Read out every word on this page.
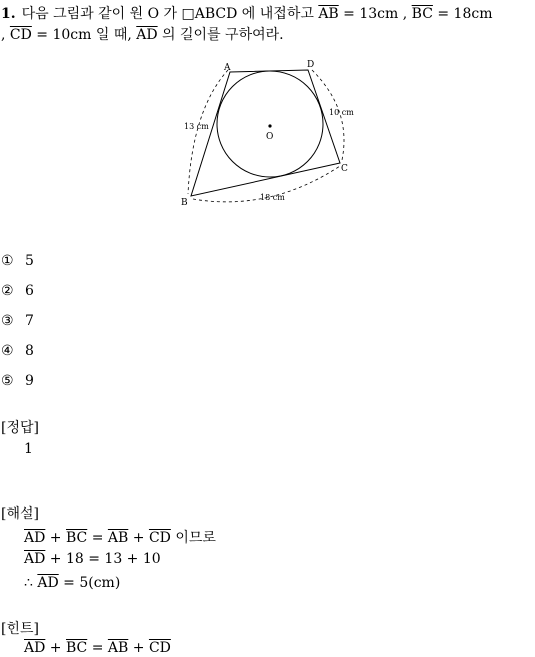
1. 다음 그림과 같이 원 O 가 □ABCD 에 내접하고 $\overline{AB} = 13cm$ , $\overline{BC} = 18cm$
, $\overline{CD} = 10cm$ 일 때, $\overline{AD}$ 의 길이를 구하여라.
A	D
C
B
O
13 cm
18 cm
10 cm
① 5
② 6
③ 7
④ 8
⑤ 9
[정답]
1
[해설]
$\overline{AD} + \overline{BC} = \overline{AB} + \overline{CD}$ 이므로
$\overline{AD} + 18 = 13 + 10$
∴ $\overline{AD} = 5(cm)$
[힌트]
$\overline{AD} + \overline{BC} = \overline{AB} + \overline{CD}$
